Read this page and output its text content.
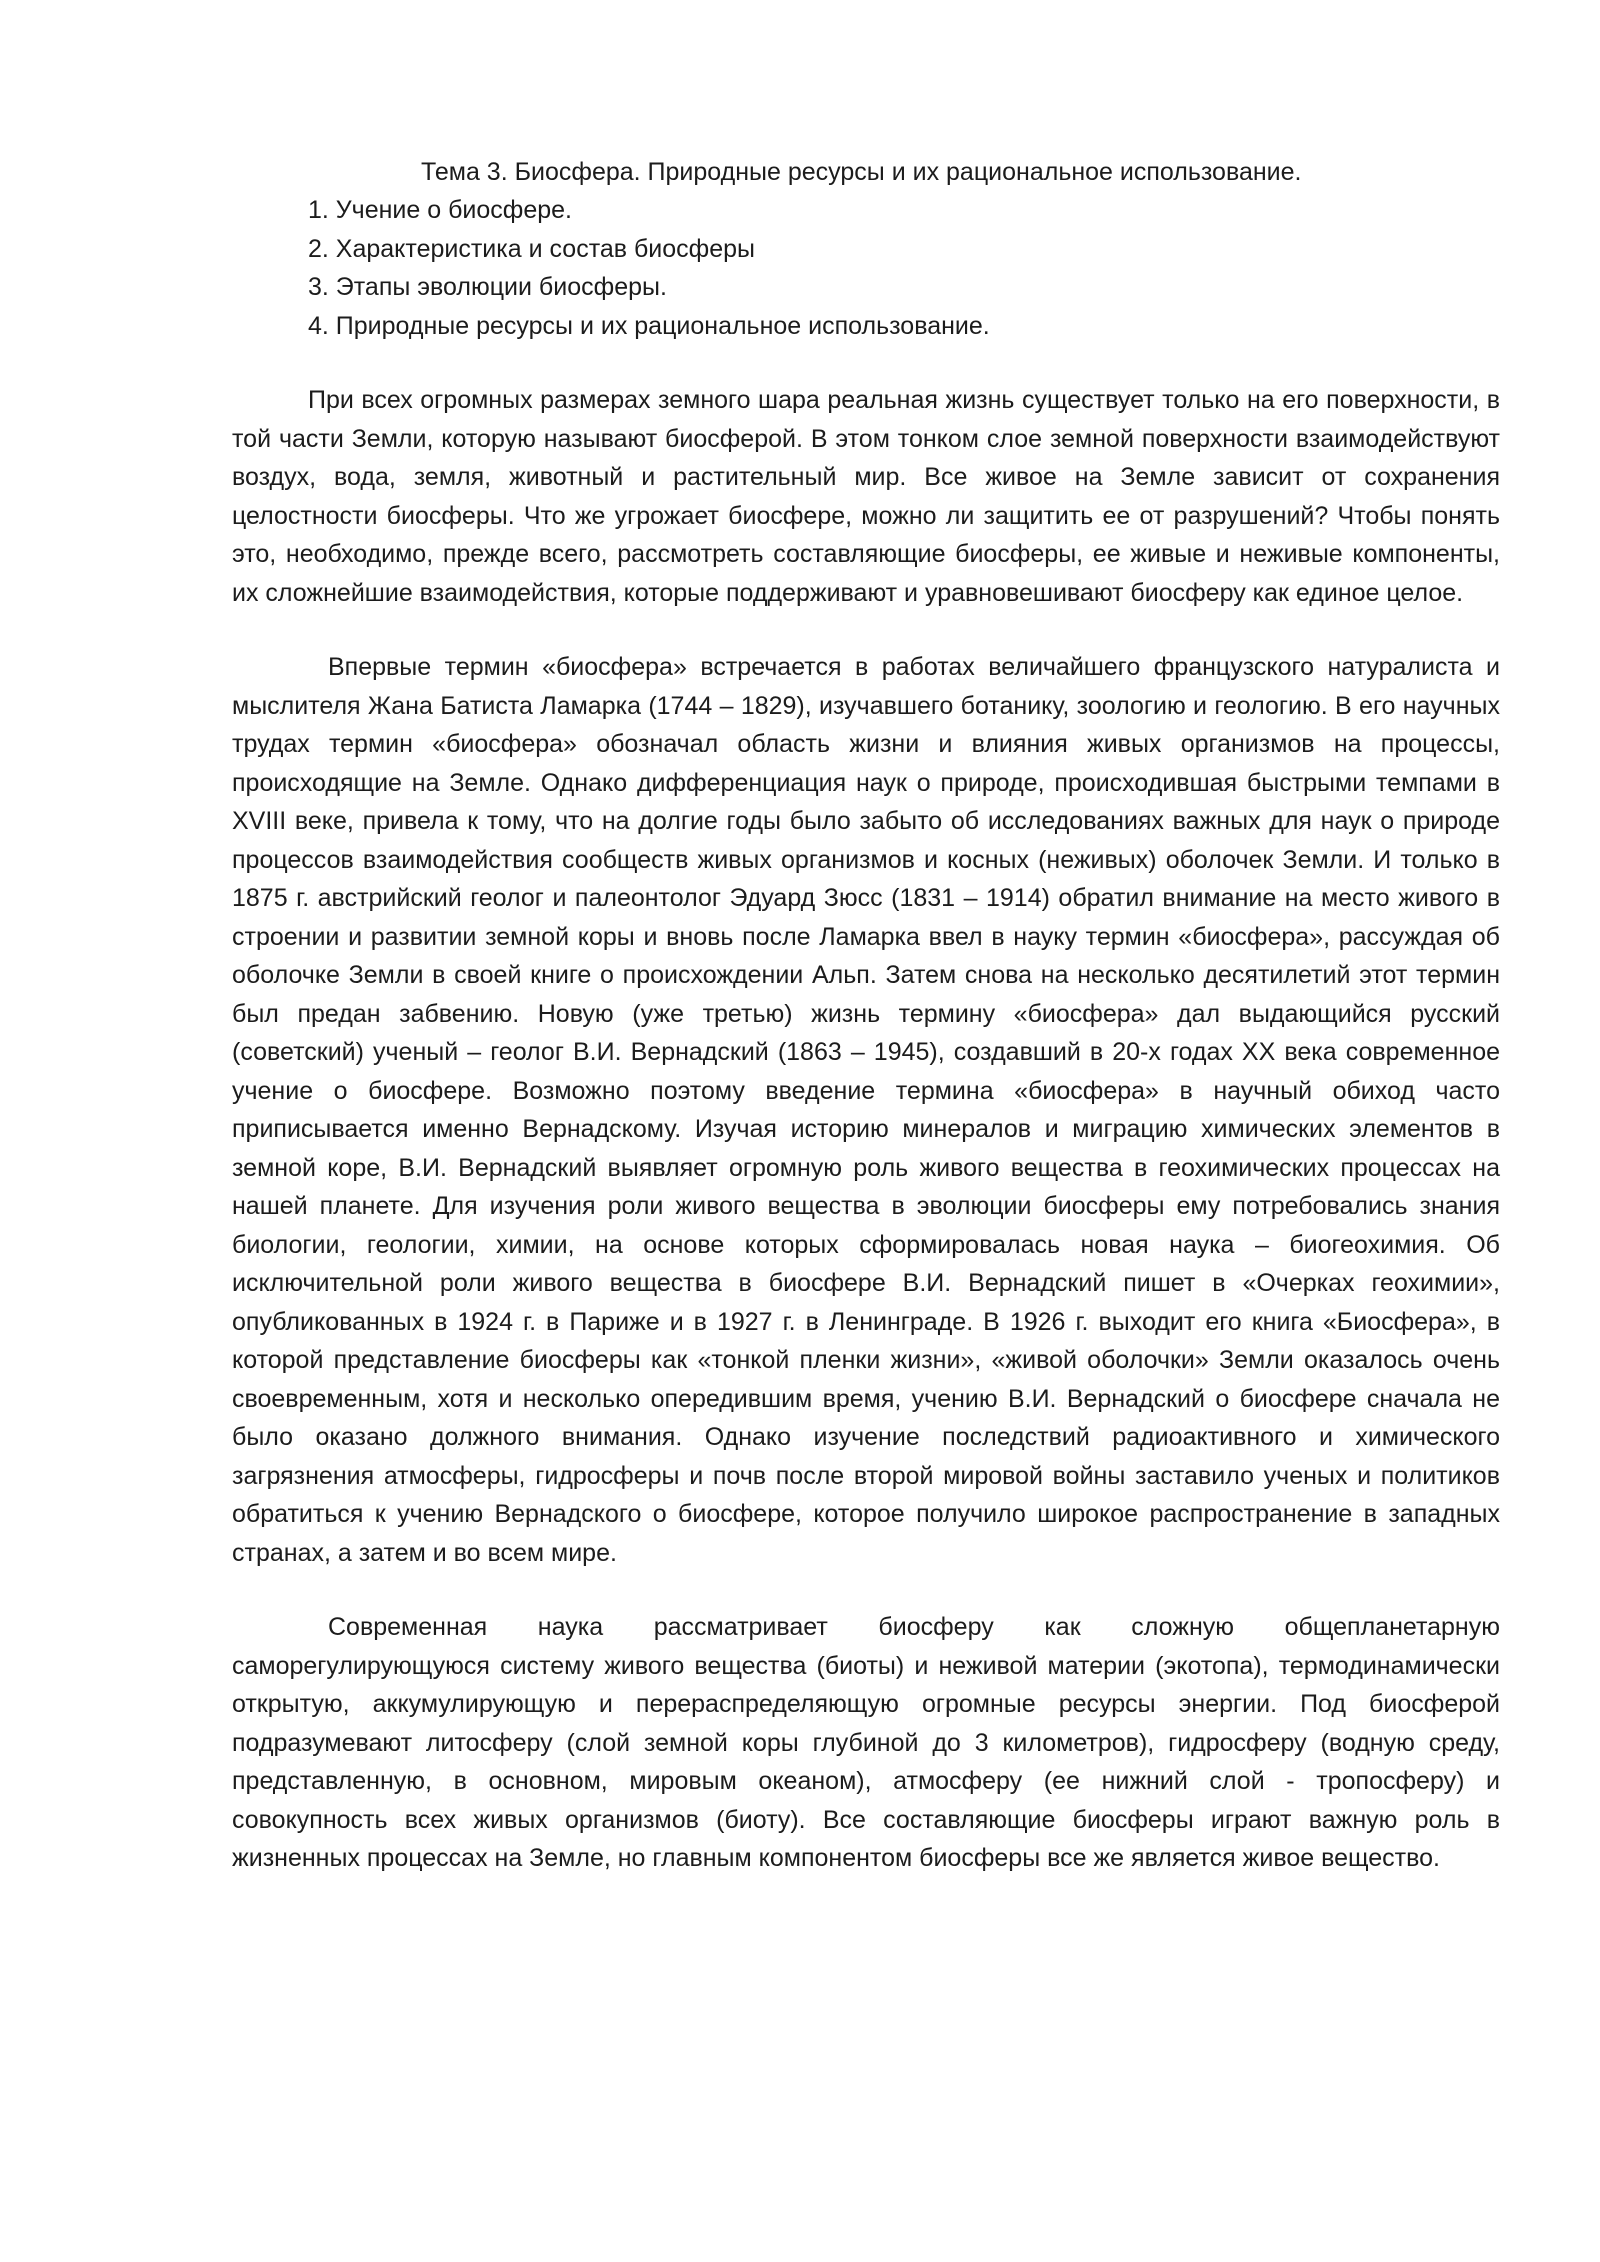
Тема 3. Биосфера. Природные ресурсы и их рациональное использование.

1. Учение о биосфере.
2. Характеристика и состав биосферы
3. Этапы эволюции биосферы.
4. Природные ресурсы и их рациональное использование.

При всех огромных размерах земного шара реальная жизнь существует только на его поверхности, в той части Земли, которую называют биосферой. В этом тонком слое земной поверхности взаимодействуют воздух, вода, земля, животный и растительный мир. Все живое на Земле зависит от сохранения целостности биосферы. Что же угрожает биосфере, можно ли защитить ее от разрушений? Чтобы понять это, необходимо, прежде всего, рассмотреть составляющие биосферы, ее живые и неживые компоненты, их сложнейшие взаимодействия, которые поддерживают и уравновешивают биосферу как единое целое.

Впервые термин «биосфера» встречается в работах величайшего французского натуралиста и мыслителя Жана Батиста Ламарка (1744 – 1829), изучавшего ботанику, зоологию и геологию. В его научных трудах термин «биосфера» обозначал область жизни и влияния живых организмов на процессы, происходящие на Земле. Однако дифференциация наук о природе, происходившая быстрыми темпами в XVIII веке, привела к тому, что на долгие годы было забыто об исследованиях важных для наук о природе процессов взаимодействия сообществ живых организмов и косных (неживых) оболочек Земли. И только в 1875 г. австрийский геолог и палеонтолог Эдуард Зюсс (1831 – 1914) обратил внимание на место живого в строении и развитии земной коры и вновь после Ламарка ввел в науку термин «биосфера», рассуждая об оболочке Земли в своей книге о происхождении Альп. Затем снова на несколько десятилетий этот термин был предан забвению. Новую (уже третью) жизнь термину «биосфера» дал выдающийся русский (советский) ученый – геолог В.И. Вернадский (1863 – 1945), создавший в 20-х годах XX века современное учение о биосфере. Возможно поэтому введение термина «биосфера» в научный обиход часто приписывается именно Вернадскому. Изучая историю минералов и миграцию химических элементов в земной коре, В.И. Вернадский выявляет огромную роль живого вещества в геохимических процессах на нашей планете. Для изучения роли живого вещества в эволюции биосферы ему потребовались знания биологии, геологии, химии, на основе которых сформировалась новая наука – биогеохимия. Об исключительной роли живого вещества в биосфере В.И. Вернадский пишет в «Очерках геохимии», опубликованных в 1924 г. в Париже и в 1927 г. в Ленинграде. В 1926 г. выходит его книга «Биосфера», в которой представление биосферы как «тонкой пленки жизни», «живой оболочки» Земли оказалось очень своевременным, хотя и несколько опередившим время, учению В.И. Вернадский о биосфере сначала не было оказано должного внимания. Однако изучение последствий радиоактивного и химического загрязнения атмосферы, гидросферы и почв после второй мировой войны заставило ученых и политиков обратиться к учению Вернадского о биосфере, которое получило широкое распространение в западных странах, а затем и во всем мире.

Современная наука рассматривает биосферу как сложную общепланетарную саморегулирующуюся систему живого вещества (биоты) и неживой материи (экотопа), термодинамически открытую, аккумулирующую и перераспределяющую огромные ресурсы энергии. Под биосферой подразумевают литосферу (слой земной коры глубиной до 3 километров), гидросферу (водную среду, представленную, в основном, мировым океаном), атмосферу (ее нижний слой - тропосферу) и совокупность всех живых организмов (биоту). Все составляющие биосферы играют важную роль в жизненных процессах на Земле, но главным компонентом биосферы все же является живое вещество.
